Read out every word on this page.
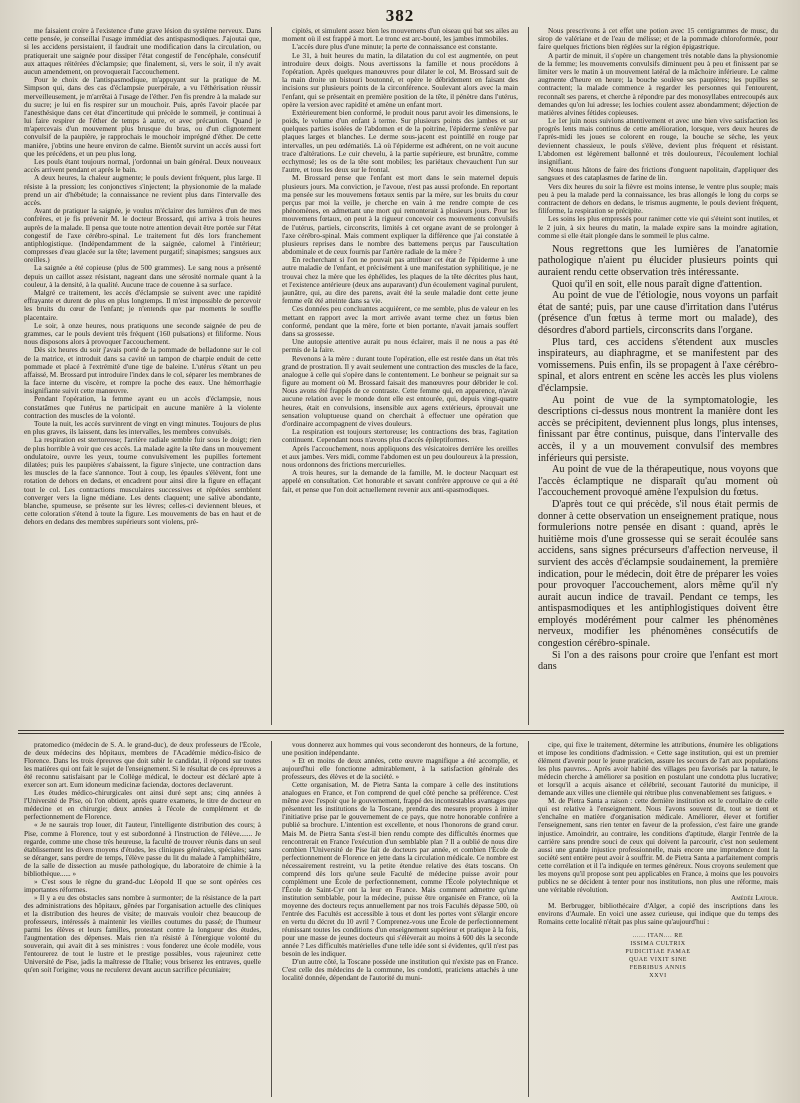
382

me faisaient croire à l'existence d'une grave lésion du système nerveux. Dans cette pensée, je conseillai l'usage immédiat des antispasmodiques. J'ajoutai que, si les accidens persistaient, il faudrait une modification dans la circulation, ou pratiquerait une saignée pour dissiper l'état congestif de l'encéphale, consécutif aux attaques réitérées d'éclampsie; que finalement, si, vers le soir, il n'y avait aucun amendement, on provoquerait l'accouchement.

Pour le choix de l'antispasmodique, m'appuyant sur la pratique de M. Simpson qui, dans des cas d'éclampsie puerpérale, a vu l'éthérisation réussir merveilleusement, je m'arrêtai à l'usage de l'éther. J'en fis prendre à la malade sur du sucre; je lui en fis respirer sur un mouchoir. Puis, après l'avoir placée par l'anesthésique dans cet état d'incertitude qui précède le sommeil, je continuai à lui faire respirer de l'éther de temps à autre, et avec précaution. Quand je m'apercevais d'un mouvement plus brusque du bras, ou d'un clignotement convulsif de la paupière, je rapprochais le mouchoir imprégné d'éther. De cette manière, j'obtins une heure environ de calme. Bientôt survint un accès aussi fort que les précédens, et un peu plus long.

Les pouls étant toujours normal, j'ordonnai un bain général. Deux nouveaux accès arrivent pendant et après le bain.

A deux heures, la chaleur augmente; le pouls devient fréquent, plus large. Il résiste à la pression; les conjonctives s'injectent; la physionomie de la malade prend un air d'hébétude; la connaissance ne revient plus dans l'intervalle des accès.

Avant de pratiquer la saignée, je voulus m'éclairer des lumières d'un de mes confrères, et je fis prévenir M. le docteur Brossard, qui arriva à trois heures auprès de la malade. Il pensa que toute notre attention devait être portée sur l'état congestif de l'axe cérébro-spinal. Le traitement fut dès lors franchement antiphlogistique. (Indépendamment de la saignée, calomel à l'intérieur; compresses d'eau glacée sur la tête; lavement purgatif; sinapismes; sangsues aux oreilles.)

La saignée a été copieuse (plus de 500 grammes). Le sang nous a présenté depuis un caillot assez résistant, nageant dans une sérosité normale quant à la couleur, à la densité, à la qualité. Aucune trace de couenne à sa surface.

Malgré ce traitement, les accès d'éclampsie se suivent avec une rapidité effrayante et durent de plus en plus longtemps. Il m'est impossible de percevoir les bruits du cœur de l'enfant; je n'entends que par moments le souffle placentaire.

Le soir, à onze heures, nous pratiquons une seconde saignée de peu de grammes, car le pouls devient très fréquent (160 pulsations) et filiforme. Nous nous disposons alors à provoquer l'accouchement.

Dès six heures du soir j'avais porté de la pommade de belladonne sur le col de la matrice, et introduit dans sa cavité un tampon de charpie enduit de cette pommade et placé à l'extrémité d'une tige de baleine. L'utérus s'étant un peu affaissé, M. Brossard put introduire l'index dans le col, séparer les membranes de la face interne du viscère, et rompre la poche des eaux. Une hémorrhagie insignifiante suivit cette manœuvre.

Pendant l'opération, la femme ayant eu un accès d'éclampsie, nous constatâmes que l'utérus ne participait en aucune manière à la violente contraction des muscles de la volonté.

Toute la nuit, les accès survinrent de vingt en vingt minutes. Toujours de plus en plus graves, ils laissent, dans les intervalles, les membres convulsés.

La respiration est stertoreuse; l'arrière radiale semble fuir sous le doigt; rien de plus horrible à voir que ces accès. La malade agite la tête dans un mouvement ondulatoire, ouvre les yeux, tourne convulsivement les pupilles fortement dilatées; puis les paupières s'abaissent, la figure s'injecte, une contraction dans les muscles de la face s'annonce. Tout à coup, les épaules s'élèvent, font une rotation de dehors en dedans, et encadrent pour ainsi dire la figure en effaçant tout le col. Les contractions musculaires successives et répétées semblent converger vers la ligne médiane. Les dents claquent; une salive abondante, blanche, spumeuse, se présente sur les lèvres; celles-ci deviennent bleues, et cette coloration s'étend à toute la figure. Les mouvements de bas en haut et de dehors en dedans des membres supérieurs sont violens, pré-

cipités, et simulent assez bien les mouvemens d'un oiseau qui bat ses ailes au moment où il est frappé à mort. Le tronc est arc-bouté, les jambes immobiles.

L'accès dure plus d'une minute; la perte de connaissance est constante.

Le 31, à huit heures du matin, la dilatation du col est augmentée, on peut introduire deux doigts. Nous avertissons la famille et nous procédons à l'opération. Après quelques manœuvres pour dilater le col, M. Brossard suit de la main droite un bistouri boutonné, et opère le débridement en faisant des incisions sur plusieurs points de la circonférence. Soulevant alors avec la main l'enfant, qui se présentait en première position de la tête, il pénètre dans l'utérus, opère la version avec rapidité et amène un enfant mort.

Extérieurement bien conformé, le produit nous parut avoir les dimensions, le poids, le volume d'un enfant à terme. Sur plusieurs points des jambes et sur quelques parties isolées de l'abdomen et de la poitrine, l'épiderme s'enlève par plaques larges et blanches. Le derme sous-jacent est pointillé en rouge par intervalles, un peu œdématiés. Là où l'épiderme est adhérent, on ne voit aucune trace d'altérations. Le cuir chevelu, à la partie supérieure, est brunâtre, comme ecchymosé; les os de la tête sont mobiles; les pariétaux chevauchent l'un sur l'autre, et tous les deux sur le frontal.

M. Brossard pense que l'enfant est mort dans le sein maternel depuis plusieurs jours. Ma conviction, je l'avoue, n'est pas aussi profonde. En reportant ma pensée sur les mouvemens fœtaux sentis par la mère, sur les bruits du cœur perçus par moi la veille, je cherche en vain à me rendre compte de ces phénomènes, en admettant une mort qui remonterait à plusieurs jours. Pour les mouvemens fœtaux, on peut à la rigueur concevoir ces mouvements convulsifs de l'utérus, partiels, circonscrits, limités à cet organe avant de se prolonger à l'axe cérébro-spinal. Mais comment expliquer la différence que j'ai constatée à plusieurs reprises dans le nombre des battemens perçus par l'auscultation abdominale et de ceux fournis par l'artère radiale de la mère ?

En recherchant si l'on ne pouvait pas attribuer cet état de l'épiderme à une autre maladie de l'enfant, et précisément à une manifestation syphilitique, je ne trouvai chez la mère que les éphélides, les plaques de la tête décrites plus haut, et l'existence antérieure (deux ans auparavant) d'un écoulement vaginal purulent, jaunâtre, qui, au dire des parens, avait été la seule maladie dont cette jeune femme eût été atteinte dans sa vie.

Ces données peu concluantes acquièrent, ce me semble, plus de valeur en les mettant en rapport avec la mort arrivée avant terme chez un fœtus bien conformé, pendant que la mère, forte et bien portante, n'avait jamais souffert dans sa grossesse.

Une autopsie attentive aurait pu nous éclairer, mais il ne nous a pas été permis de la faire.

Revenons à la mère : durant toute l'opération, elle est restée dans un état très grand de prostration. Il y avait seulement une contraction des muscles de la face, analogue à celle qui s'opère dans le contentement. Le bonheur se peignait sur sa figure au moment où M. Brossard faisait des manœuvres pour débrider le col. Nous avons été frappés de ce contraste. Cette femme qui, en apparence, n'avait aucune relation avec le monde dont elle est entourée, qui, depuis vingt-quatre heures, était en convulsions, insensible aux agens extérieurs, éprouvait une sensation voluptueuse quand on cherchait à effectuer une opération que d'ordinaire accompagnent de vives douleurs.

La respiration est toujours stertoreuse; les contractions des bras, l'agitation continuent. Cependant nous n'avons plus d'accès épileptiformes.

Après l'accouchement, nous appliquons des vésicatoires derrière les oreilles et aux jambes. Vers midi, comme l'abdomen est un peu douloureux à la pression, nous ordonnons des frictions mercurielles.

A trois heures, sur la demande de la famille, M. le docteur Nacquart est appelé en consultation. Cet honorable et savant confrère approuve ce qui a été fait, et pense que l'on doit actuellement revenir aux anti-spasmodiques.

Nous prescrivons à cet effet une potion avec 15 centigrammes de musc, du sirop de valériane et de l'eau de mélisse; et de la pommade chloroformée, pour faire quelques frictions bien réglées sur la région épigastrique.

A partir de minuit, il s'opère un changement très notable dans la physionomie de la femme; les mouvements convulsifs diminuent peu à peu et finissent par se limiter vers le matin à un mouvement latéral de la mâchoire inférieure. Le calme augmente d'heure en heure; la bouche soulève ses paupières; les pupilles se contractent; la malade commence à regarder les personnes qui l'entourent, reconnaît ses parens, et cherche à répondre par des monosyllabes entrecoupés aux demandes qu'on lui adresse; les lochies coulent assez abondamment; déjection de matières alvines fétides copieuses.

Le 1er juin nous suivions attentivement et avec une bien vive satisfaction les progrès lents mais continus de cette amélioration, lorsque, vers deux heures de l'après-midi les joues se colorent en rouge, la bouche se sèche, les yeux deviennent chassieux, le pouls s'élève, devient plus fréquent et résistant. L'abdomen est légèrement ballonné et très douloureux, l'écoulement lochial insignifiant.

Nous nous hâtons de faire des frictions d'onguent napolitain, d'appliquer des sangsues et des cataplasmes de farine de lin.

Vers dix heures du soir la fièvre est moins intense, le ventre plus souple; mais peu à peu la malade perd la connaissance, les bras allongés le long du corps se contractent de dehors en dedans, le trismus augmente, le pouls devient fréquent, filiforme, la respiration se précipite.

Les soins les plus empressés pour ranimer cette vie qui s'éteint sont inutiles, et le 2 juin, à six heures du matin, la malade expire sans la moindre agitation, comme si elle était plongée dans le sommeil le plus calme.

Nous regrettons que les lumières de l'anatomie pathologique n'aient pu élucider plusieurs points qui auraient rendu cette observation très intéressante.

Quoi qu'il en soit, elle nous paraît digne d'attention.

Au point de vue de l'étiologie, nous voyons un parfait état de santé; puis, par une cause d'irritation dans l'utérus (présence d'un fœtus à terme mort ou malade), des désordres d'abord partiels, circonscrits dans l'organe.

Plus tard, ces accidens s'étendent aux muscles inspirateurs, au diaphragme, et se manifestent par des vomissemens. Puis enfin, ils se propagent à l'axe cérébro-spinal, et alors entrent en scène les accès les plus violens d'éclampsie.

Au point de vue de la symptomatologie, les descriptions ci-dessus nous montrent la manière dont les accès se précipitent, deviennent plus longs, plus intenses, finissant par être continus, puisque, dans l'intervalle des accès, il y a un mouvement convulsif des membres inférieurs qui persiste.

Au point de vue de la thérapeutique, nous voyons que l'accès éclamptique ne disparaît qu'au moment où l'accouchement provoqué amène l'expulsion du fœtus.

D'après tout ce qui précède, s'il nous était permis de donner à cette observation un enseignement pratique, nous formulerions notre pensée en disant : quand, après le huitième mois d'une grossesse qui se serait écoulée sans accidens, sans signes précurseurs d'affection nerveuse, il survient des accès d'éclampsie soudainement, la première indication, pour le médecin, doit être de préparer les voies pour provoquer l'accouchement, alors même qu'il n'y aurait aucun indice de travail. Pendant ce temps, les antispasmodiques et les antiphlogistiques doivent être employés modérément pour calmer les phénomènes nerveux, modifier les phénomènes consécutifs de congestion cérébro-spinale.

Si l'on a des raisons pour croire que l'enfant est mort dans

pratomedico (médecin de S. A. le grand-duc), de deux professeurs de l'École, de deux médecins des hôpitaux, membres de l'Académie médico-fisico de Florence. Dans les trois épreuves que doit subir le candidat, il répond sur toutes les matières qui ont fait le sujet de l'enseignement. Si le résultat de ces épreuves a été reconnu satisfaisant par le Collège médical, le docteur est déclaré apte à exercer son art. Eum idoneum medicinæ faciendæ, doctores declaverunt.

Les études médico-chirurgicales ont ainsi duré sept ans; cinq années à l'Université de Pise, où l'on obtient, après quatre examens, le titre de docteur en médecine et en chirurgie; deux années à l'école de complément et de perfectionnement de Florence.

« Je ne saurais trop louer, dit l'auteur, l'intelligente distribution des cours; à Pise, comme à Florence, tout y est subordonné à l'instruction de l'élève....... Je regarde, comme une chose très heureuse, la faculté de trouver réunis dans un seul établissement les divers moyens d'études, les cliniques générales, spéciales; sans se déranger, sans perdre de temps, l'élève passe du lit du malade à l'amphithéâtre, de la salle de dissection au musée pathologique, du laboratoire de chimie à la bibliothèque...... »

» C'est sous le règne du grand-duc Léopold II que se sont opérées ces importantes réformes.

» Il y a eu des obstacles sans nombre à surmonter; de la résistance de la part des administrations des hôpitaux, gênées par l'organisation actuelle des cliniques et la distribution des heures de visite; de mauvais vouloir chez beaucoup de professeurs, intéressés à maintenir les vieilles coutumes du passé; de l'humeur parmi les élèves et leurs familles, protestant contre la longueur des études, l'augmentation des dépenses. Mais rien n'a résisté à l'énergique volonté du souverain, qui avait dit à ses ministres : vous fonderez une école modèle, vous l'entourerez de tout le lustre et le prestige possibles, vous rajeunirez cette Université de Pise, jadis la maîtresse de l'Italie; vous briserez les entraves, quelle qu'en soit l'origine; vous ne reculerez devant aucun sacrifice pécuniaire;

vous donnerez aux hommes qui vous seconderont des honneurs, de la fortune, une position indépendante.

» Et en moins de deux années, cette œuvre magnifique a été accomplie, et aujourd'hui elle fonctionne admirablement, à la satisfaction générale des professeurs, des élèves et de la société. »

Cette organisation, M. de Pietra Santa la compare à celle des institutions analogues en France, et l'on comprend de quel côté penche sa préférence. C'est même avec l'espoir que le gouvernement, frappé des incontestables avantages que présentent les institutions de la Toscane, prendra des mesures propres à imiter l'initiative prise par le gouvernement de ce pays, que notre honorable confrère a publié sa brochure. L'intention est excellente, et nous l'honorons de grand cœur. Mais M. de Pietra Santa s'est-il bien rendu compte des difficultés énormes que rencontrerait en France l'exécution d'un semblable plan ? Il a oublié de nous dire combien l'Université de Pise fait de docteurs par année, et combien l'École de perfectionnement de Florence en jette dans la circulation médicale. Ce nombre est nécessairement restreint, vu la petite étendue relative des états toscans. On comprend dès lors qu'une seule Faculté de médecine puisse avoir pour complément une École de perfectionnement, comme l'École polytechnique et l'École de Saint-Cyr ont la leur en France. Mais comment admettre qu'une institution semblable, pour la médecine, puisse être organisée en France, où la moyenne des docteurs reçus annuellement par nos trois Facultés dépasse 500, où l'entrée des Facultés est accessible à tous et dont les portes vont s'élargir encore en vertu du décret du 10 avril ? Comprenez-vous une École de perfectionnement réunissant toutes les conditions d'un enseignement supérieur et pratique à la fois, pour une masse de jeunes docteurs qui s'élèverait au moins à 600 dès la seconde année ? Les difficultés matérielles d'une telle idée sont si évidentes, qu'il n'est pas besoin de les indiquer.

D'un autre côté, la Toscane possède une institution qui n'existe pas en France. C'est celle des médecins de la commune, les condotti, praticiens attachés à une localité donnée, dépendant de l'autorité du muni-

cipe, qui fixe le traitement, détermine les attributions, énumère les obligations et impose les conditions d'admission. « Cette sage institution, qui est un premier élément d'avenir pour le jeune praticien, assure les secours de l'art aux populations les plus pauvres... Après avoir habité des villages peu favorisés par la nature, le médecin cherche à améliorer sa position en postulant une condotta plus lucrative; et lorsqu'il a acquis aisance et célébrité, secouant l'autorité du municipe, il demande aux villes une clientèle qui rétribue plus convenablement ses fatigues. »

M. de Pietra Santa a raison : cette dernière institution est le corollaire de celle qui est relative à l'enseignement. Nous l'avons souvent dit, tout se tient et s'enchaîne en matière d'organisation médicale. Améliorer, élever et fortifier l'enseignement, sans rien tenter en faveur de la profession, c'est faire une grande injustice. Amoindrir, au contraire, les conditions d'aptitude, élargir l'entrée de la carrière sans prendre souci de ceux qui doivent la parcourir, c'est non seulement aussi une grande injustice professionnelle, mais encore une imprudence dont la société sent entière peut avoir à souffrir. M. de Pietra Santa a parfaitement compris cette corrélation et il l'a indiquée en termes généreux. Nous croyons seulement que les moyens qu'il propose sont peu applicables en France, à moins que les pouvoirs publics ne se décident à tenter pour nos institutions, non plus une réforme, mais une véritable révolution.

Amédée Latour.

M. Berbrugger, bibliothécaire d'Alger, a copié des inscriptions dans les environs d'Aumale. En voici une assez curieuse, qui indique que du temps des Romains cette localité n'était pas plus saine qu'aujourd'hui :

...... ITAN.... RE
ISSIMA CULTRIX
PUDICITIAE FAMAE
QUAE VIXIT SINE
FEBRIBUS ANNIS
XXVI
